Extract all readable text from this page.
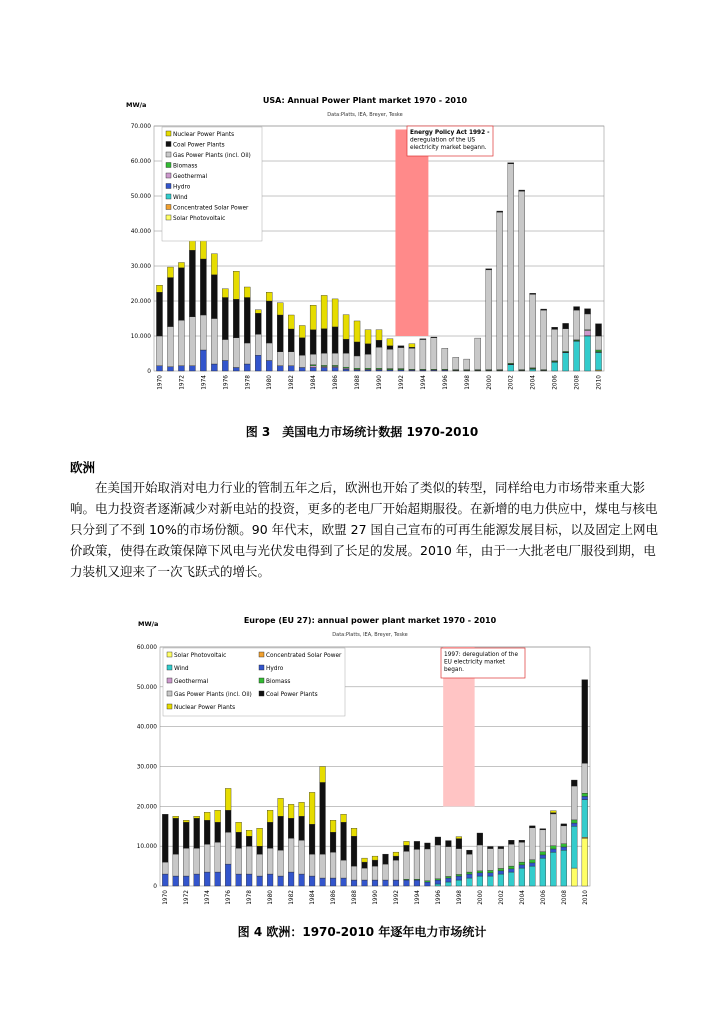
MW/a	USA: Annual Power Plant market 1970 - 2010
Data:Platts, IEA, Breyer, Teske
0
10.000
20.000
30.000
40.000
50.000
60.000
70.000
1970	1972	1974	1976	1978	1980	1982	1984	1986	1988	1990	1992	1994	1996	1998	2000	2002	2004	2006	2008	2010
Nuclear Power Plants
Coal Power Plants
Gas Power Plants (incl. Oil)
Biomass
Geothermal
Hydro
Wind
Concentrated Solar Power
Solar Photovoltaic
Energy Policy Act 1992 -
deregulation of the US
electricity market begann.
图 3　美国电力市场统计数据 1970-2010
欧洲
在美国开始取消对电力行业的管制五年之后，欧洲也开始了类似的转型，同样给电力市场带来重大影
响。电力投资者逐渐减少对新电站的投资，更多的老电厂开始超期服役。在新增的电力供应中，煤电与核电
只分到了不到 10%的市场份额。90 年代末，欧盟 27 国自己宣布的可再生能源发展目标，以及固定上网电
价政策，使得在政策保障下风电与光伏发电得到了长足的发展。2010 年，由于一大批老电厂服役到期，电
力装机又迎来了一次飞跃式的增长。
MW/a	Europe (EU 27): annual power plant market 1970 - 2010
Data:Platts, IEA, Breyer, Teske
0
10.000
20.000
30.000
40.000
50.000
60.000
1970	1972	1974	1976	1978	1980	1982	1984	1986	1988	1990	1992	1994	1996	1998	2000	2002	2004	2006	2008	2010
Solar Photovoltaic	Concentrated Solar Power
Wind	Hydro
Geothermal	Biomass
Gas Power Plants (incl. Oil) Coal Power Plants
Nuclear Power Plants
1997: deregulation of the
EU electricity market
began.
图 4 欧洲：1970-2010 年逐年电力市场统计
